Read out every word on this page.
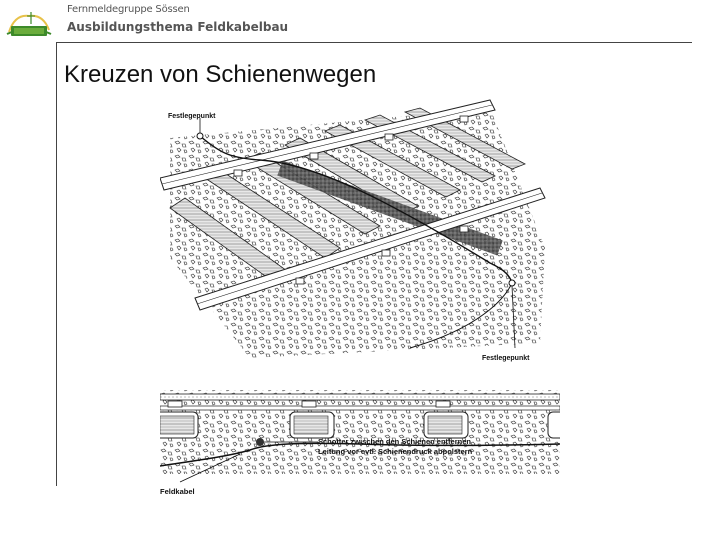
Fernmeldegruppe Sössen
Ausbildungsthema Feldkabelbau
Kreuzen von Schienenwegen
Festlegepunkt
Festlegepunkt
Schotter zwischen den Schienen entfernen
Leitung vor evtl. Schienendruck abpolstern
Feldkabel
